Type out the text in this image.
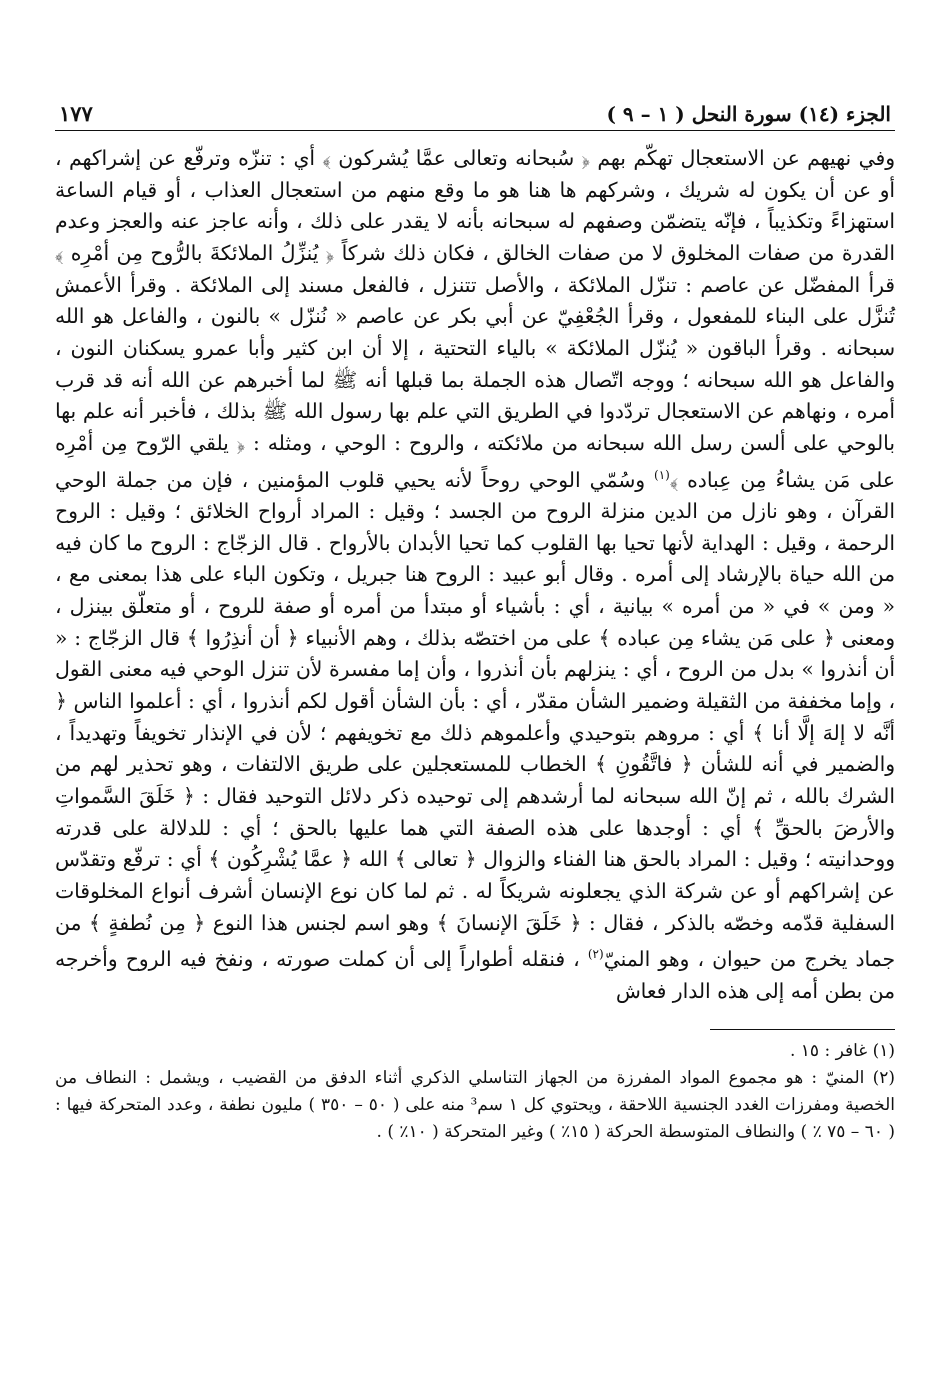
الجزء (١٤) سورة النحل ( ١ – ٩ )
١٧٧

وفي نهيهم عن الاستعجال تهكّم بهم ﴿ سُبحانه وتعالى عمَّا يُشركون ﴾ أي : تنزّه وترفّع عن إشراكهم ، أو عن أن يكون له شريك ، وشركهم ها هنا هو ما وقع منهم من استعجال العذاب ، أو قيام الساعة استهزاءً وتكذيباً ، فإنّه يتضمّن وصفهم له سبحانه بأنه لا يقدر على ذلك ، وأنه عاجز عنه والعجز وعدم القدرة من صفات المخلوق لا من صفات الخالق ، فكان ذلك شركاً ﴿ يُنزِّلُ الملائكةَ بالرُّوح مِن أمْرِه ﴾ قرأ المفضّل عن عاصم : تنزّل الملائكة ، والأصل تتنزل ، فالفعل مسند إلى الملائكة . وقرأ الأعمش تُنزَّل على البناء للمفعول ، وقرأ الجُعْفِيّ عن أبي بكر عن عاصم « نُنزّل » بالنون ، والفاعل هو الله سبحانه . وقرأ الباقون « يُنزّل الملائكة » بالياء التحتية ، إلا أن ابن كثير وأبا عمرو يسكنان النون ، والفاعل هو الله سبحانه ؛ ووجه اتّصال هذه الجملة بما قبلها أنه ﷺ لما أخبرهم عن الله أنه قد قرب أمره ، ونهاهم عن الاستعجال تردّدوا في الطريق التي علم بها رسول الله ﷺ بذلك ، فأخبر أنه علم بها بالوحي على ألسن رسل الله سبحانه من ملائكته ، والروح : الوحي ، ومثله : ﴿ يلقي الرّوح مِن أمْرِه على مَن يشاءُ مِن عِباده ﴾$^{(١)}$ وسُمّي الوحي روحاً لأنه يحيي قلوب المؤمنين ، فإن من جملة الوحي القرآن ، وهو نازل من الدين منزلة الروح من الجسد ؛ وقيل : المراد أرواح الخلائق ؛ وقيل : الروح الرحمة ، وقيل : الهداية لأنها تحيا بها القلوب كما تحيا الأبدان بالأرواح . قال الزجّاج : الروح ما كان فيه من الله حياة بالإرشاد إلى أمره . وقال أبو عبيد : الروح هنا جبريل ، وتكون الباء على هذا بمعنى مع ، « ومن » في « من أمره » بيانية ، أي : بأشياء أو مبتدأ من أمره أو صفة للروح ، أو متعلّق بينزل ، ومعنى ﴿ على مَن يشاء مِن عباده ﴾ على من اختصّه بذلك ، وهم الأنبياء ﴿ أن أنذِرُوا ﴾ قال الزجّاج : « أن أنذروا » بدل من الروح ، أي : ينزلهم بأن أنذروا ، وأن إما مفسرة لأن تنزل الوحي فيه معنى القول ، وإما مخففة من الثقيلة وضمير الشأن مقدّر ، أي : بأن الشأن أقول لكم أنذروا ، أي : أعلموا الناس ﴿ أنَّه لا إلهَ إلَّا أنا ﴾ أي : مروهم بتوحيدي وأعلموهم ذلك مع تخويفهم ؛ لأن في الإنذار تخويفاً وتهديداً ، والضمير في أنه للشأن ﴿ فاتَّقُونِ ﴾ الخطاب للمستعجلين على طريق الالتفات ، وهو تحذير لهم من الشرك بالله ، ثم إنّ الله سبحانه لما أرشدهم إلى توحيده ذكر دلائل التوحيد فقال : ﴿ خَلَقَ السَّمواتِ والأرضَ بالحقِّ ﴾ أي : أوجدها على هذه الصفة التي هما عليها بالحق ؛ أي : للدلالة على قدرته ووحدانيته ؛ وقيل : المراد بالحق هنا الفناء والزوال ﴿ تعالى ﴾ الله ﴿ عمَّا يُشْرِكُون ﴾ أي : ترفّع وتقدّس عن إشراكهم أو عن شركة الذي يجعلونه شريكاً له . ثم لما كان نوع الإنسان أشرف أنواع المخلوقات السفلية قدّمه وخصّه بالذكر ، فقال : ﴿ خَلَقَ الإنسانَ ﴾ وهو اسم لجنس هذا النوع ﴿ مِن نُطفةٍ ﴾ من جماد يخرج من حيوان ، وهو المنيّ$^{(٢)}$ ، فنقله أطواراً إلى أن كملت صورته ، ونفخ فيه الروح وأخرجه من بطن أمه إلى هذه الدار فعاش

(١) غافر : ١٥ .

(٢) المنيّ : هو مجموع المواد المفرزة من الجهاز التناسلي الذكري أثناء الدفق من القضيب ، ويشمل : النطاف من الخصية ومفرزات الغدد الجنسية اللاحقة ، ويحتوي كل ١ سم³ منه على ( ٥٠ – ٣٥٠ ) مليون نطفة ، وعدد المتحركة فيها : ( ٦٠ – ٧٥ ٪ ) والنطاف المتوسطة الحركة ( ١٥٪ ) وغير المتحركة ( ١٠٪ ) .
